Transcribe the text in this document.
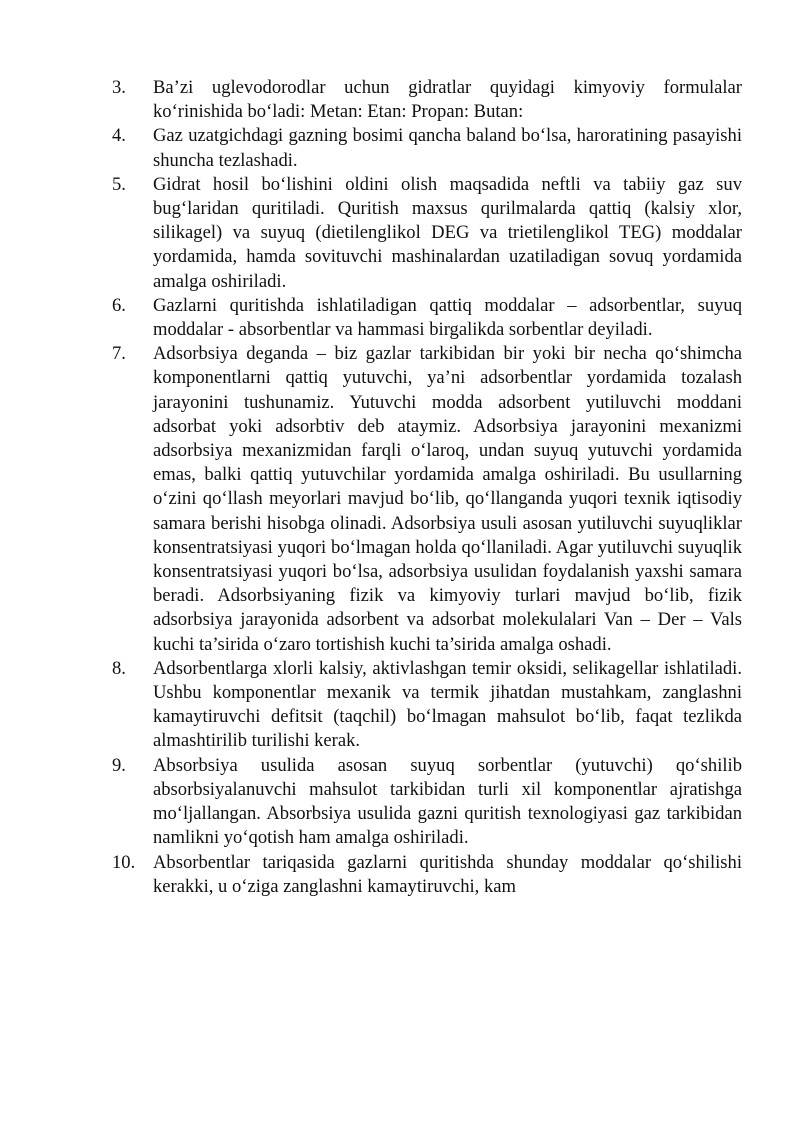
3.	Ba’zi uglevodorodlar uchun gidratlar quyidagi kimyoviy formulalar ko‘rinishida bo‘ladi: Metan: Etan: Propan: Butan:
4.	Gaz uzatgichdagi gazning bosimi qancha baland bo‘lsa, haroratining pasayishi shuncha tezlashadi.
5.	Gidrat hosil bo‘lishini oldini olish maqsadida neftli va tabiiy gaz suv bug‘laridan quritiladi. Quritish maxsus qurilmalarda qattiq (kalsiy xlor, silikagel) va suyuq (dietilenglikol DEG va trietilenglikol TEG) moddalar yordamida, hamda sovituvchi mashinalardan uzatiladigan sovuq yordamida amalga oshiriladi.
6.	Gazlarni quritishda ishlatiladigan qattiq moddalar – adsorbentlar, suyuq moddalar - absorbentlar va hammasi birgalikda sorbentlar deyiladi.
7.	Adsorbsiya deganda – biz gazlar tarkibidan bir yoki bir necha qo‘shimcha komponentlarni qattiq yutuvchi, ya’ni adsorbentlar yordamida tozalash jarayonini tushunamiz. Yutuvchi modda adsorbent yutiluvchi moddani adsorbat yoki adsorbtiv deb ataymiz. Adsorbsiya jarayonini mexanizmi adsorbsiya mexanizmidan farqli o‘laroq, undan suyuq yutuvchi yordamida emas, balki qattiq yutuvchilar yordamida amalga oshiriladi. Bu usullarning o‘zini qo‘llash meyorlari mavjud bo‘lib, qo‘llanganda yuqori texnik iqtisodiy samara berishi hisobga olinadi. Adsorbsiya usuli asosan yutiluvchi suyuqliklar konsentratsiyasi yuqori bo‘lmagan holda qo‘llaniladi. Agar yutiluvchi suyuqlik konsentratsiyasi yuqori bo‘lsa, adsorbsiya usulidan foydalanish yaxshi samara beradi. Adsorbsiyaning fizik va kimyoviy turlari mavjud bo‘lib, fizik adsorbsiya jarayonida adsorbent va adsorbat molekulalari Van – Der – Vals kuchi ta’sirida o‘zaro tortishish kuchi ta’sirida amalga oshadi.
8.	Adsorbentlarga xlorli kalsiy, aktivlashgan temir oksidi, selikagellar ishlatiladi. Ushbu komponentlar mexanik va termik jihatdan mustahkam, zanglashni kamaytiruvchi defitsit (taqchil) bo‘lmagan mahsulot bo‘lib, faqat tezlikda almashtirilib turilishi kerak.
9.	Absorbsiya usulida asosan suyuq sorbentlar (yutuvchi) qo‘shilib absorbsiyalanuvchi mahsulot tarkibidan turli xil komponentlar ajratishga mo‘ljallangan. Absorbsiya usulida gazni quritish texnologiyasi gaz tarkibidan namlikni yo‘qotish ham amalga oshiriladi.
10. Absorbentlar tariqasida gazlarni quritishda shunday moddalar qo‘shilishi kerakki, u o‘ziga zanglashni kamaytiruvchi, kam
